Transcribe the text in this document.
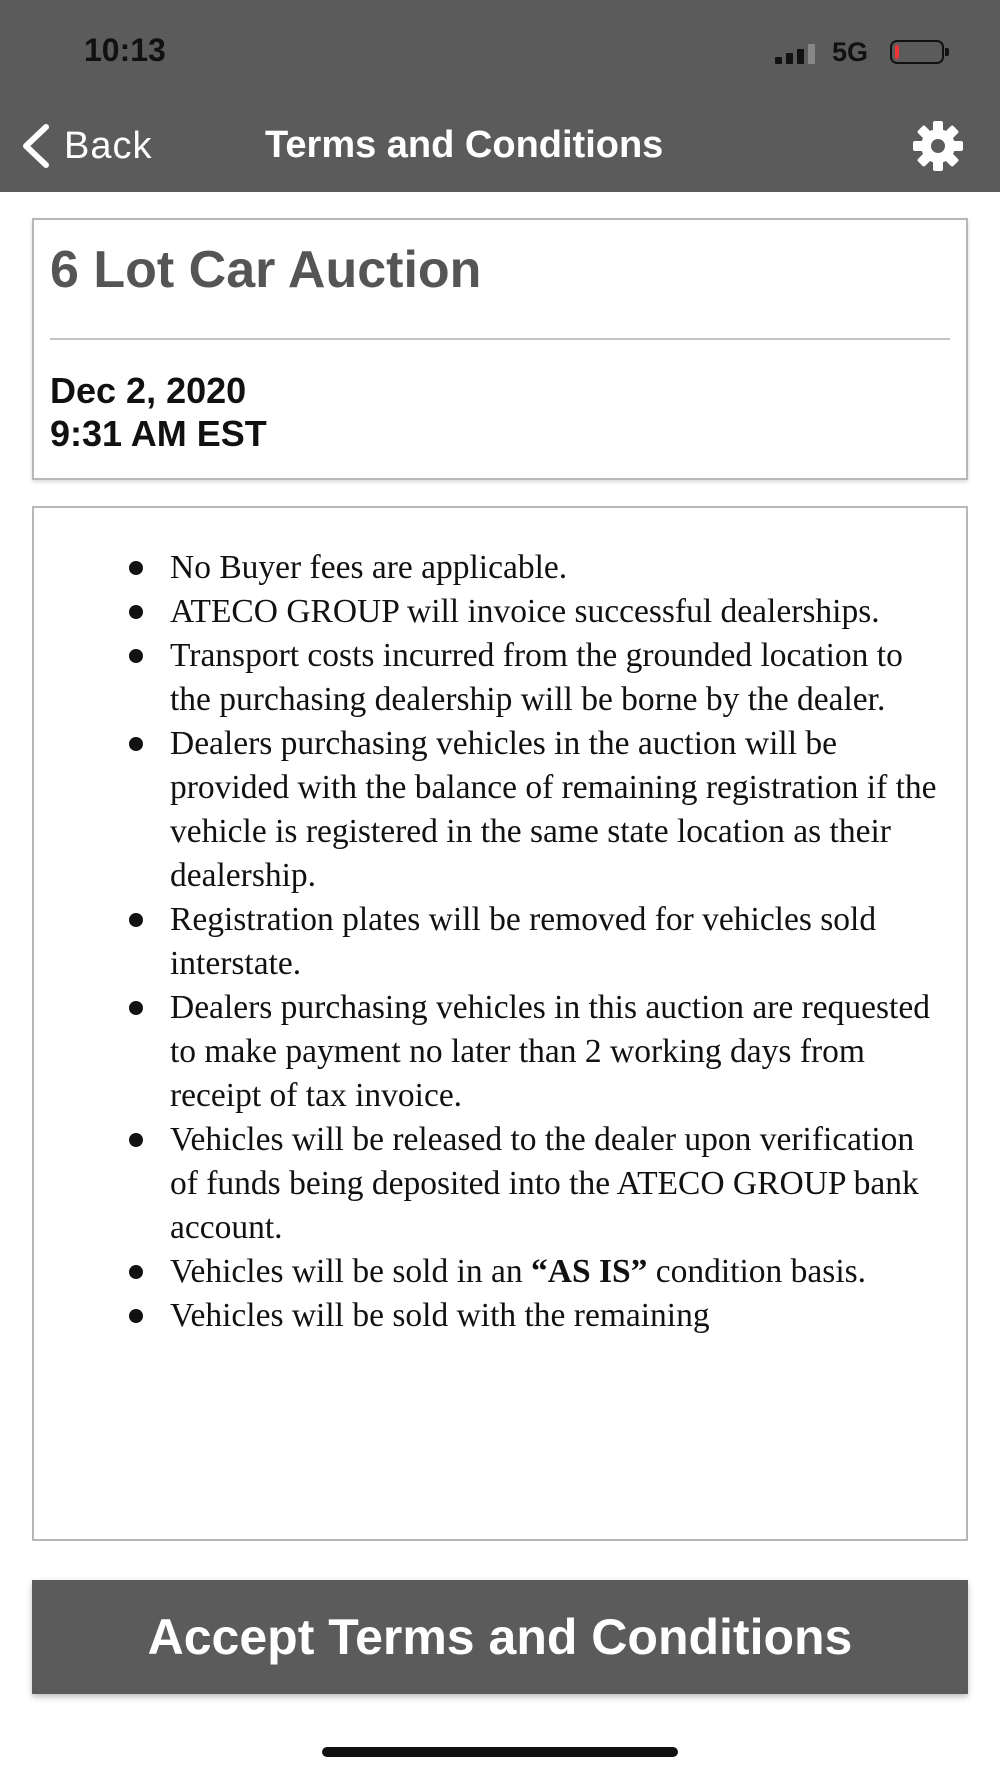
10:13	5G
Back	Terms and Conditions
6 Lot Car Auction
Dec 2, 2020
9:31 AM EST
No Buyer fees are applicable.
ATECO GROUP will invoice successful dealerships.
Transport costs incurred from the grounded location to the purchasing dealership will be borne by the dealer.
Dealers purchasing vehicles in the auction will be provided with the balance of remaining registration if the vehicle is registered in the same state location as their dealership.
Registration plates will be removed for vehicles sold interstate.
Dealers purchasing vehicles in this auction are requested to make payment no later than 2 working days from receipt of tax invoice.
Vehicles will be released to the dealer upon verification of funds being deposited into the ATECO GROUP bank account.
Vehicles will be sold in an “AS IS” condition basis.
Vehicles will be sold with the remaining
Accept Terms and Conditions
